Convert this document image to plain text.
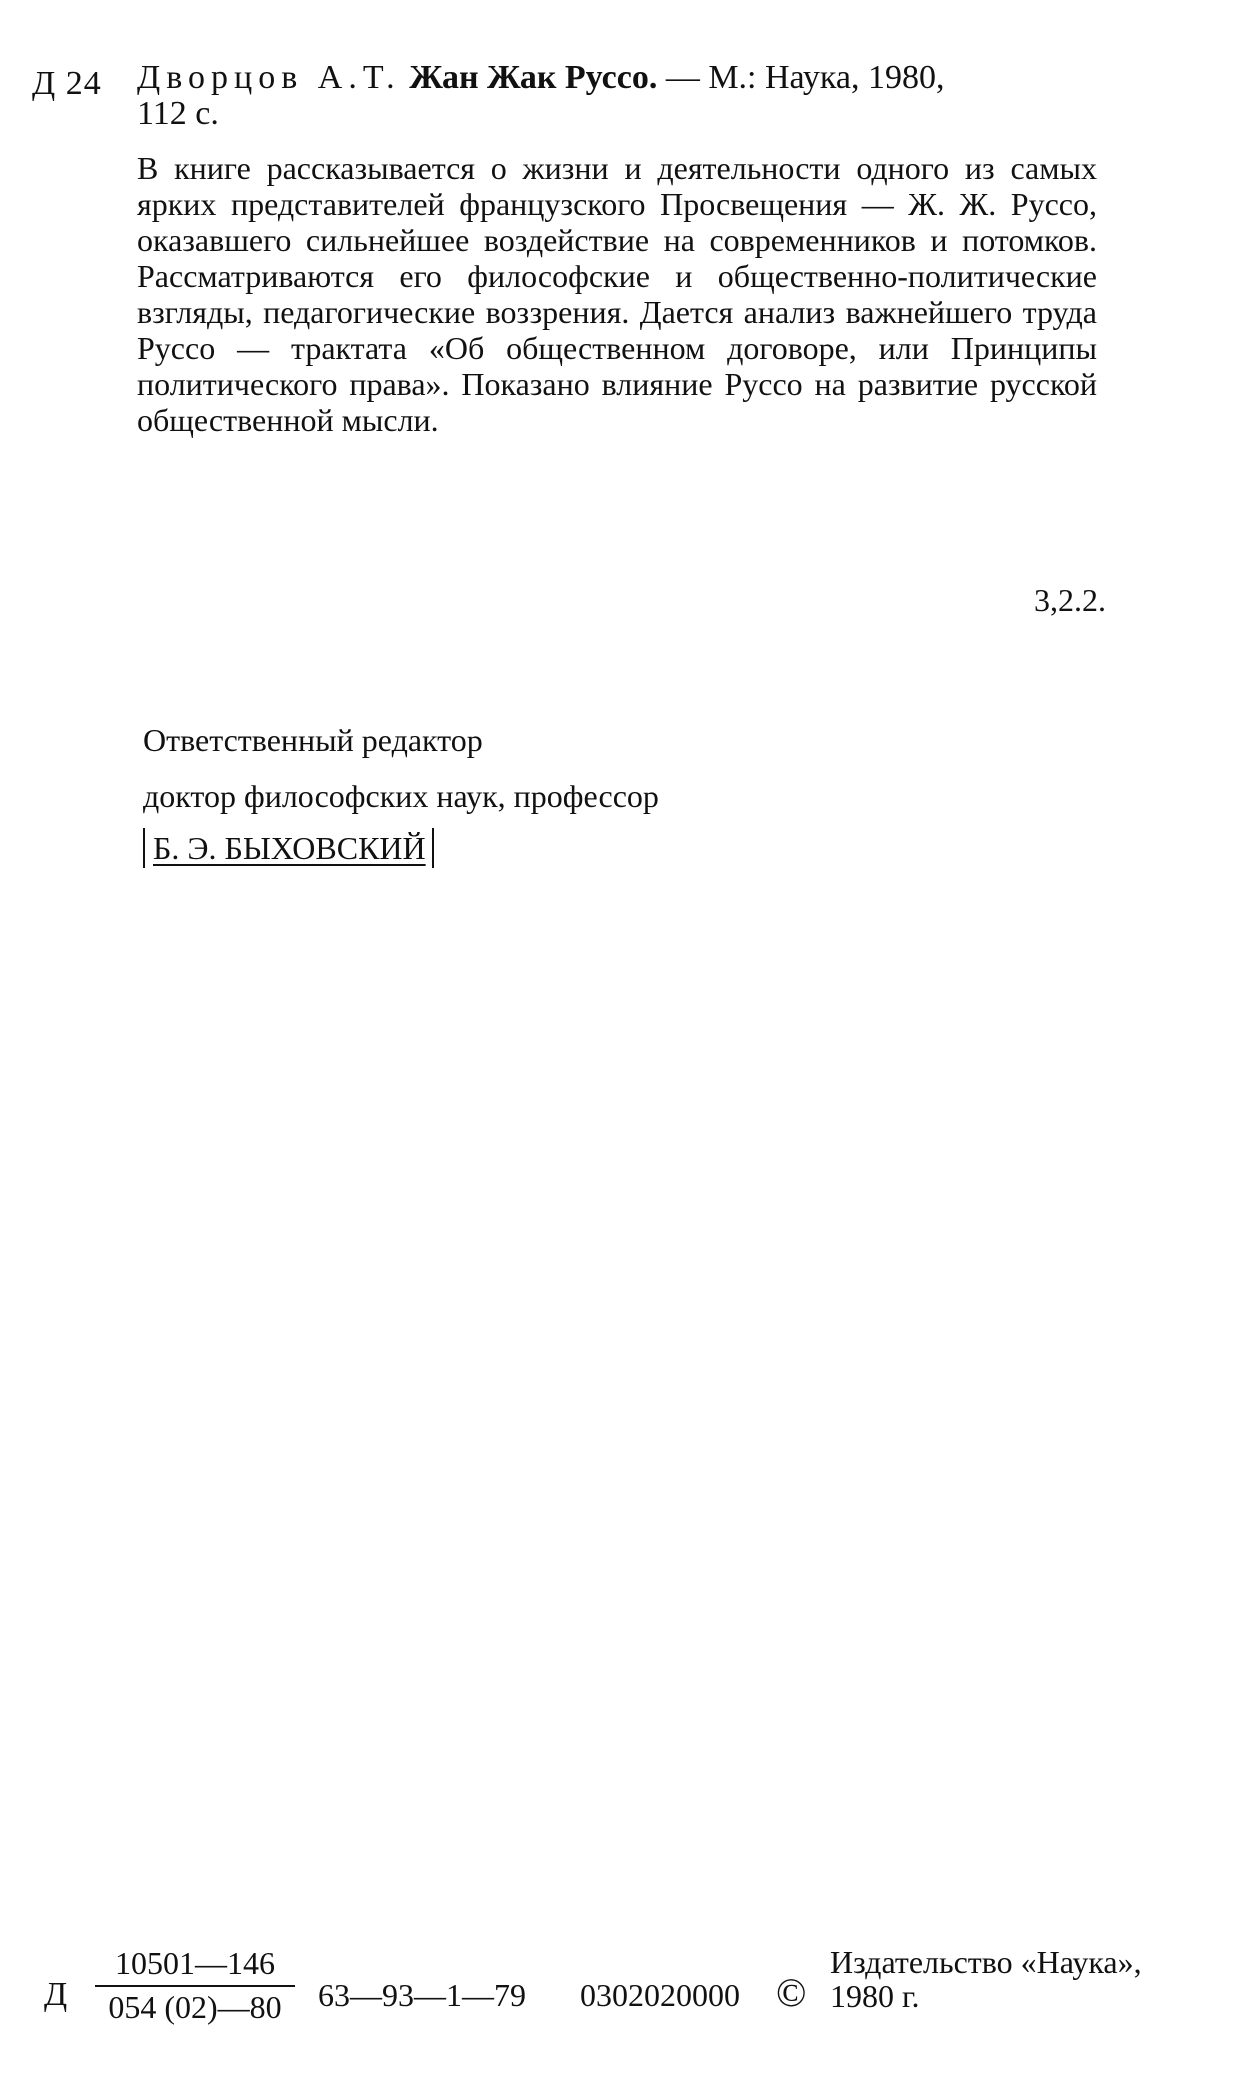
Д 24 Дворцов А.Т. Жан Жак Руссо. — М.: Наука, 1980,
112 с.

В книге рассказывается о жизни и деятельности одного из самых ярких представителей французского Просвещения — Ж. Ж. Руссо, оказавшего сильнейшее воздействие на современников и потомков. Рассматриваются его философские и общественно-политические взгляды, педагогические воззрения. Дается анализ важнейшего труда Руссо — трактата «Об общественном договоре, или Принципы политического права». Показано влияние Руссо на развитие русской общественной мысли.

3,2.2.
Ответственный редактор
доктор философских наук, профессор
Б. Э. БЫХОВСКИЙ
Д $\frac{10501—146}{054 (02)—80}$ 63—93—1—79 0302020000 ©
Издательство «Наука»,
1980 г.
